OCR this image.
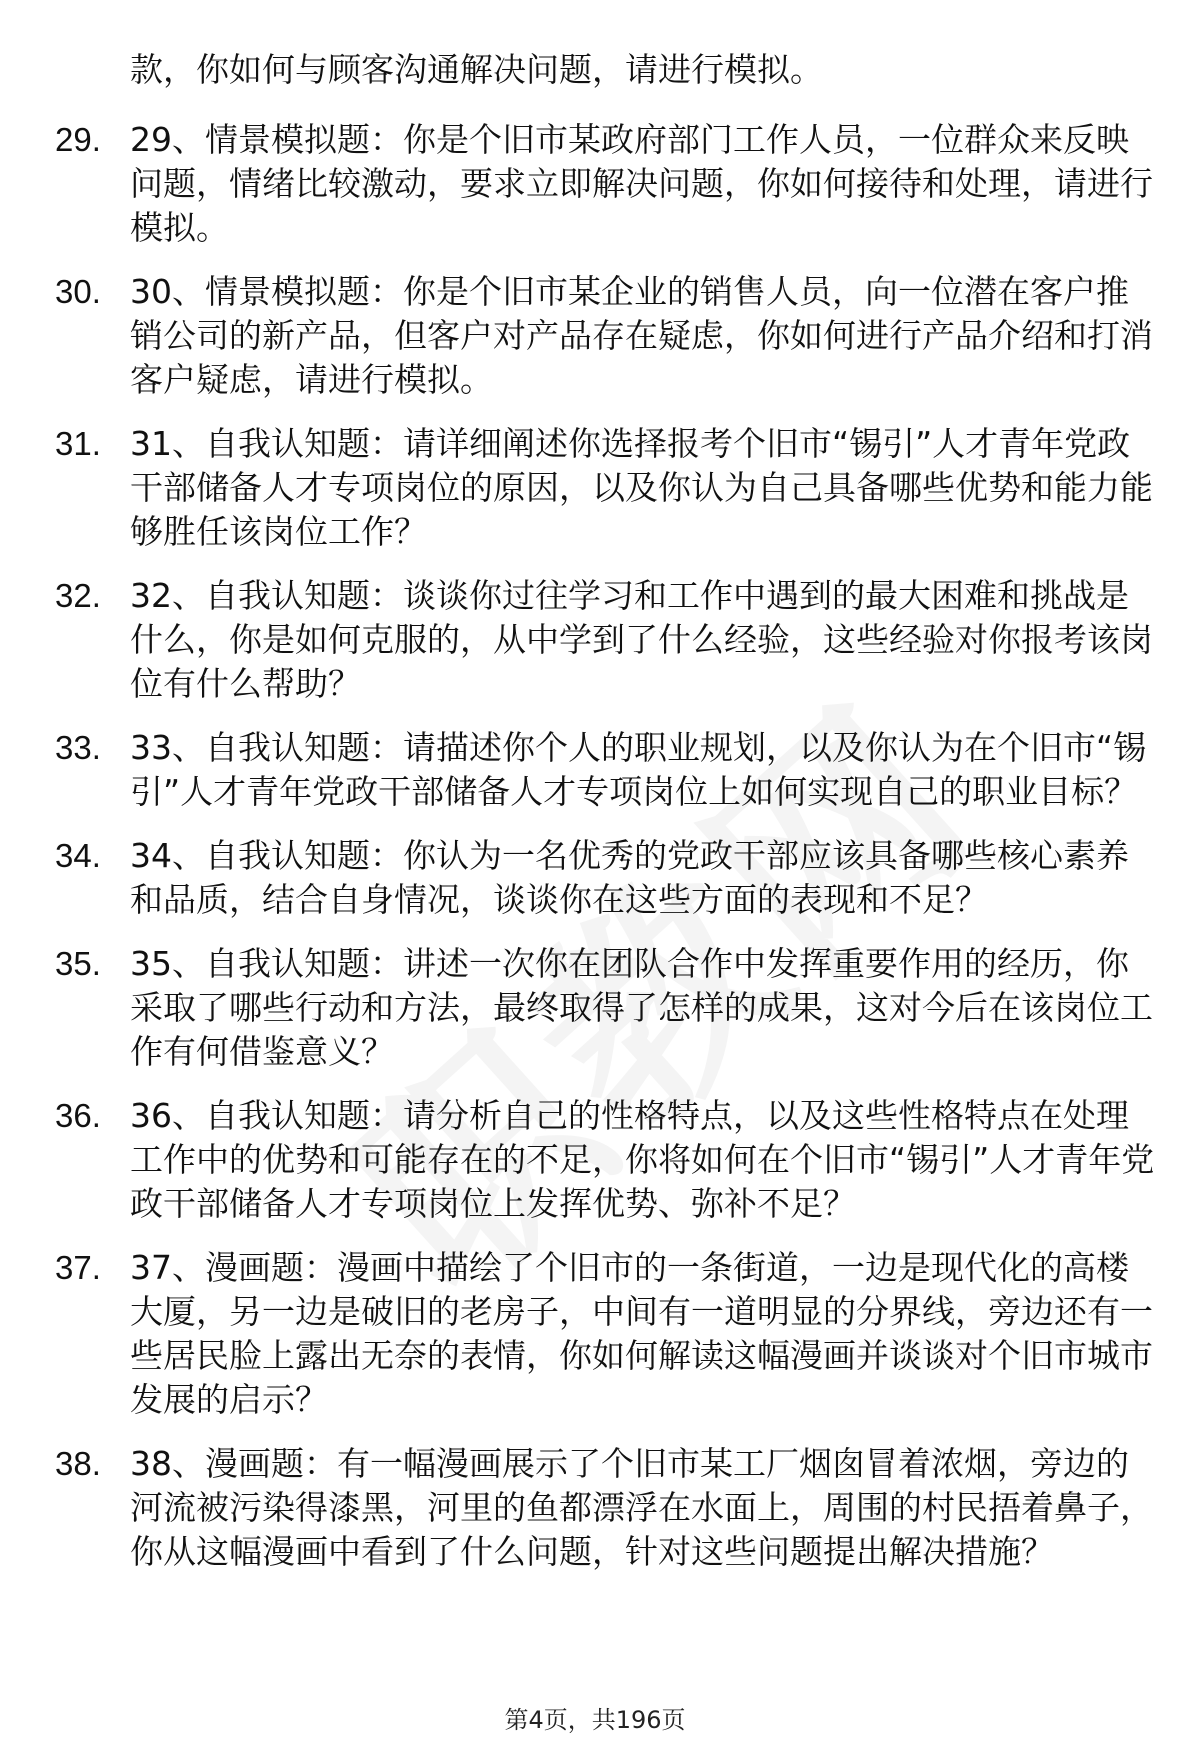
款，你如何与顾客沟通解决问题，请进行模拟。
29. 29、情景模拟题：你是个旧市某政府部门工作人员，一位群众来反映问题，情绪比较激动，要求立即解决问题，你如何接待和处理，请进行模拟。
30. 30、情景模拟题：你是个旧市某企业的销售人员，向一位潜在客户推销公司的新产品，但客户对产品存在疑虑，你如何进行产品介绍和打消客户疑虑，请进行模拟。
31. 31、自我认知题：请详细阐述你选择报考个旧市“锡引”人才青年党政干部储备人才专项岗位的原因，以及你认为自己具备哪些优势和能力能够胜任该岗位工作？
32. 32、自我认知题：谈谈你过往学习和工作中遇到的最大困难和挑战是什么，你是如何克服的，从中学到了什么经验，这些经验对你报考该岗位有什么帮助？
33. 33、自我认知题：请描述你个人的职业规划，以及你认为在个旧市“锡引”人才青年党政干部储备人才专项岗位上如何实现自己的职业目标？
34. 34、自我认知题：你认为一名优秀的党政干部应该具备哪些核心素养和品质，结合自身情况，谈谈你在这些方面的表现和不足？
35. 35、自我认知题：讲述一次你在团队合作中发挥重要作用的经历，你采取了哪些行动和方法，最终取得了怎样的成果，这对今后在该岗位工作有何借鉴意义？
36. 36、自我认知题：请分析自己的性格特点，以及这些性格特点在处理工作中的优势和可能存在的不足，你将如何在个旧市“锡引”人才青年党政干部储备人才专项岗位上发挥优势、弥补不足？
37. 37、漫画题：漫画中描绘了个旧市的一条街道，一边是现代化的高楼大厦，另一边是破旧的老房子，中间有一道明显的分界线，旁边还有一些居民脸上露出无奈的表情，你如何解读这幅漫画并谈谈对个旧市城市发展的启示？
38. 38、漫画题：有一幅漫画展示了个旧市某工厂烟囱冒着浓烟，旁边的河流被污染得漆黑，河里的鱼都漂浮在水面上，周围的村民捂着鼻子，你从这幅漫画中看到了什么问题，针对这些问题提出解决措施？
第4页，共196页
